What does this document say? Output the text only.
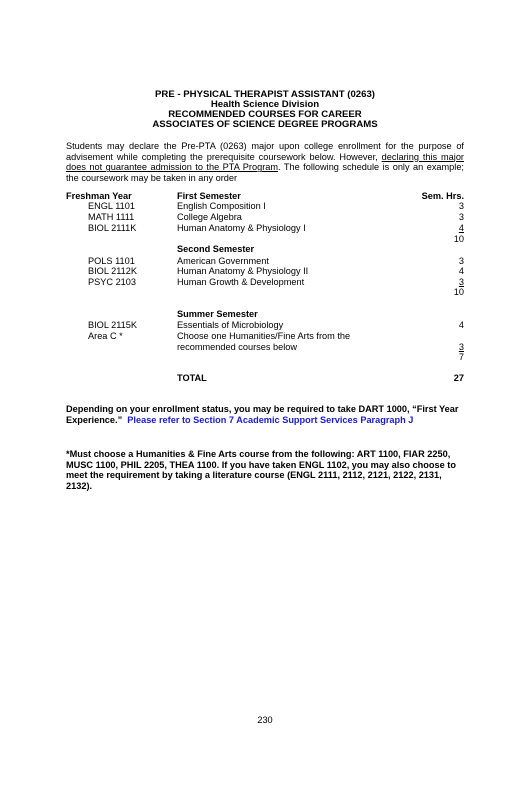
PRE - PHYSICAL THERAPIST ASSISTANT (0263)
Health Science Division
RECOMMENDED COURSES FOR CAREER
ASSOCIATES OF SCIENCE DEGREE PROGRAMS
Students may declare the Pre-PTA (0263) major upon college enrollment for the purpose of advisement while completing the prerequisite coursework below. However, declaring this major does not guarantee admission to the PTA Program. The following schedule is only an example; the coursework may be taken in any order
Freshman Year	First Semester	Sem. Hrs.
ENGL 1101	English Composition I	3
MATH 1111	College Algebra	3
BIOL 2111K	Human Anatomy & Physiology I	4
10
Second Semester
POLS 1101	American Government	3
BIOL 2112K	Human Anatomy & Physiology II	4
PSYC 2103	Human Growth & Development	3
10
Summer Semester
BIOL 2115K	Essentials of Microbiology	4
Area C *	Choose one Humanities/Fine Arts from the
recommended courses below	3
7
TOTAL	27
Depending on your enrollment status, you may be required to take DART 1000, “First Year Experience.” Please refer to Section 7 Academic Support Services Paragraph J
*Must choose a Humanities & Fine Arts course from the following: ART 1100, FIAR 2250, MUSC 1100, PHIL 2205, THEA 1100. If you have taken ENGL 1102, you may also choose to meet the requirement by taking a literature course (ENGL 2111, 2112, 2121, 2122, 2131, 2132).
230
